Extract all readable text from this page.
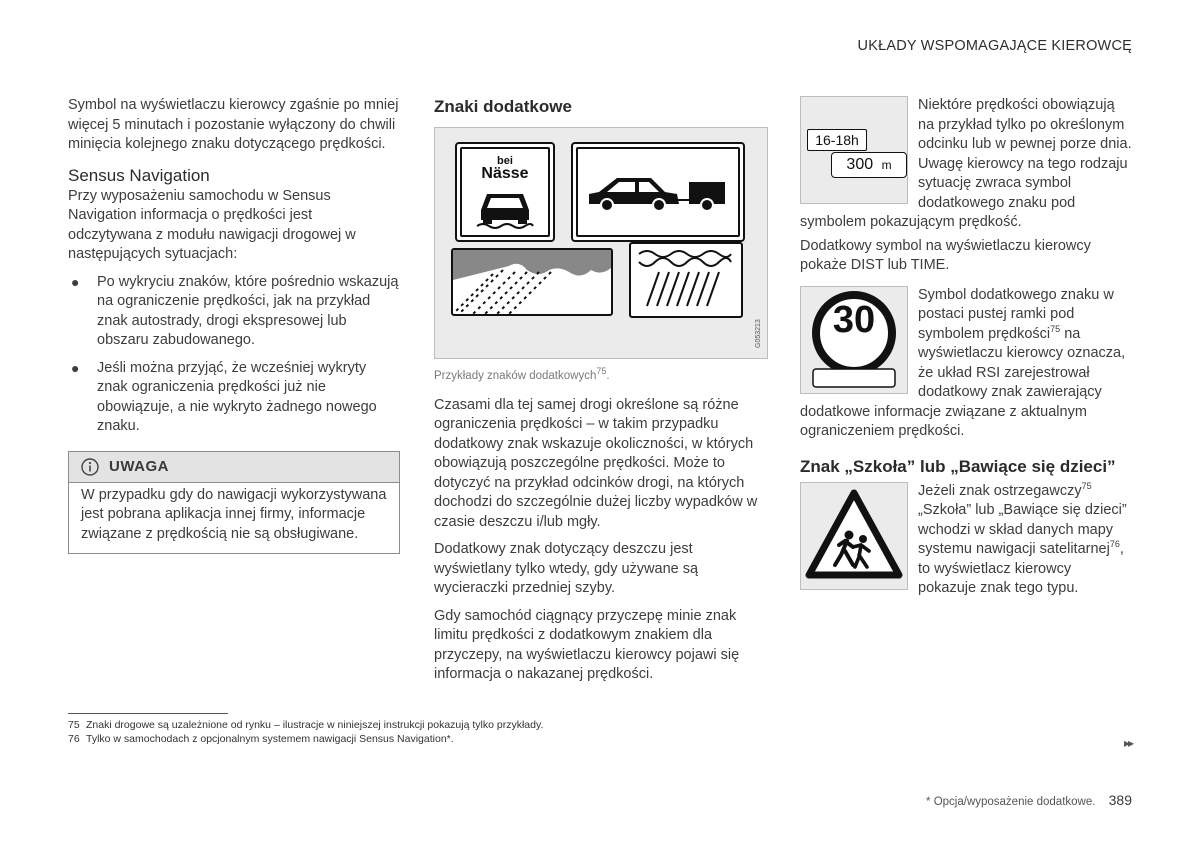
UKŁADY WSPOMAGAJĄCE KIEROWCĘ

Symbol na wyświetlaczu kierowcy zgaśnie po mniej więcej 5 minutach i pozostanie wyłączony do chwili minięcia kolejnego znaku dotyczącego prędkości.

Sensus Navigation

Przy wyposażeniu samochodu w Sensus Navigation informacja o prędkości jest odczytywana z modułu nawigacji drogowej w następujących sytuacjach:

● Po wykryciu znaków, które pośrednio wskazują na ograniczenie prędkości, jak na przykład znak autostrady, drogi ekspresowej lub obszaru zabudowanego.
● Jeśli można przyjąć, że wcześniej wykryty znak ograniczenia prędkości już nie obowiązuje, a nie wykryto żadnego nowego znaku.
UWAGA
W przypadku gdy do nawigacji wykorzystywana jest pobrana aplikacja innej firmy, informacje związane z prędkością nie są obsługiwane.
Znaki dodatkowe
bei
Nässe
G053213
Przykłady znaków dodatkowych$^{75}$.

Czasami dla tej samej drogi określone są różne ograniczenia prędkości – w takim przypadku dodatkowy znak wskazuje okoliczności, w których obowiązują poszczególne prędkości. Może to dotyczyć na przykład odcinków drogi, na których dochodzi do szczególnie dużej liczby wypadków w czasie deszczu i/lub mgły.

Dodatkowy znak dotyczący deszczu jest wyświetlany tylko wtedy, gdy używane są wycieraczki przedniej szyby.

Gdy samochód ciągnący przyczepę minie znak limitu prędkości z dodatkowym znakiem dla przyczepy, na wyświetlaczu kierowcy pojawi się informacja o nakazanej prędkości.

16-18h
300 m

Niektóre prędkości obowiązują na przykład tylko po określonym odcinku lub w pewnej porze dnia. Uwagę kierowcy na tego rodzaju sytuację zwraca symbol dodatkowego znaku pod symbolem pokazującym prędkość.

Dodatkowy symbol na wyświetlaczu kierowcy pokaże DIST lub TIME.

30

Symbol dodatkowego znaku w postaci pustej ramki pod symbolem prędkości$^{75}$ na wyświetlaczu kierowcy oznacza, że układ RSI zarejestrował dodatkowy znak zawierający dodatkowe informacje związane z aktualnym ograniczeniem prędkości.

Znak „Szkoła” lub „Bawiące się dzieci”

Jeżeli znak ostrzegawczy$^{75}$ „Szkoła” lub „Bawiące się dzieci” wchodzi w skład danych mapy systemu nawigacji satelitarnej$^{76}$, to wyświetlacz kierowcy pokazuje znak tego typu.

75 Znaki drogowe są uzależnione od rynku – ilustracje w niniejszej instrukcji pokazują tylko przykłady.
76 Tylko w samochodach z opcjonalnym systemem nawigacji Sensus Navigation*.	▸▸
* Opcja/wyposażenie dodatkowe. 389
